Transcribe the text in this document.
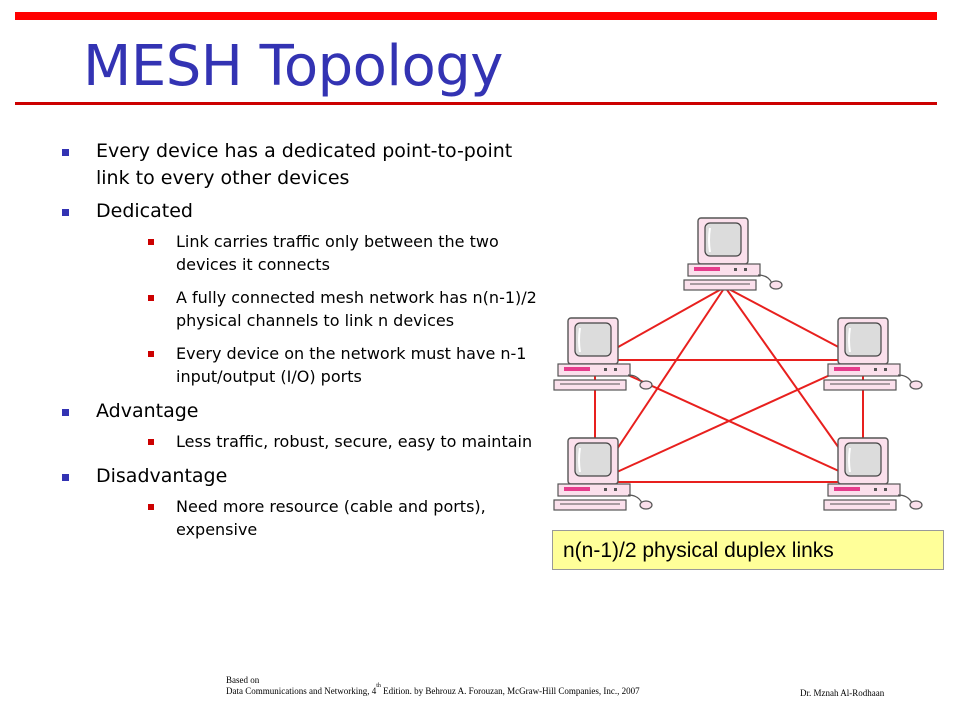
MESH Topology
Every device has a dedicated point-to-point link to every other devices
Dedicated
Link carries traffic only between the two devices it connects
A fully connected mesh network has n(n-1)/2 physical channels to link n devices
Every device on the network must have n-1 input/output (I/O) ports
Advantage
Less traffic, robust, secure, easy to maintain
Disadvantage
Need more resource (cable and ports), expensive
n(n-1)/2 physical duplex links
Based on
Data Communications and Networking, 4th Edition. by Behrouz A. Forouzan, McGraw-Hill Companies, Inc., 2007	Dr. Mznah Al-Rodhaan
